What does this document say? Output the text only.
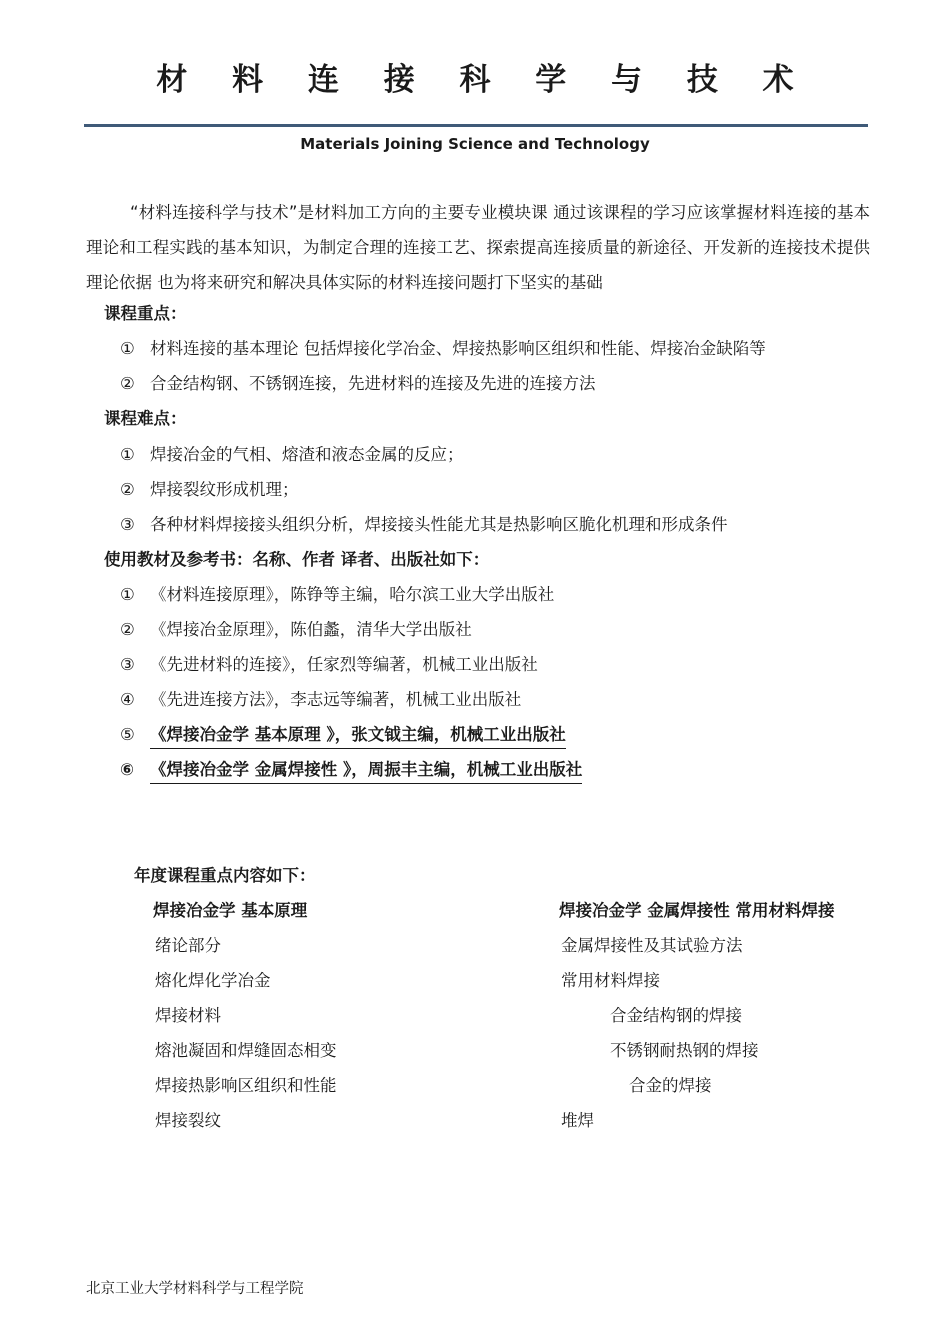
材 料 连 接 科 学 与 技 术
Materials Joining Science and Technology

“材料连接科学与技术”是材料加工方向的主要专业模块课 通过该课程的学习应该掌握材料连接的基本理论和工程实践的基本知识，为制定合理的连接工艺、探索提高连接质量的新途径、开发新的连接技术提供理论依据 也为将来研究和解决具体实际的材料连接问题打下坚实的基础

课程重点：
① 材料连接的基本理论 包括焊接化学冶金、焊接热影响区组织和性能、焊接冶金缺陷等
② 合金结构钢、不锈钢连接，先进材料的连接及先进的连接方法
课程难点：
① 焊接冶金的气相、熔渣和液态金属的反应；
② 焊接裂纹形成机理；
③ 各种材料焊接接头组织分析，焊接接头性能尤其是热影响区脆化机理和形成条件
使用教材及参考书：名称、作者 译者、出版社如下：
① 《材料连接原理》，陈铮等主编，哈尔滨工业大学出版社
② 《焊接冶金原理》，陈伯蠡，清华大学出版社
③ 《先进材料的连接》，任家烈等编著，机械工业出版社
④ 《先进连接方法》，李志远等编著，机械工业出版社
⑤ 《焊接冶金学 基本原理 》，张文钺主编，机械工业出版社
⑥ 《焊接冶金学 金属焊接性 》，周振丰主编，机械工业出版社
年度课程重点内容如下：
焊接冶金学 基本原理
绪论部分
熔化焊化学冶金
焊接材料
熔池凝固和焊缝固态相变
焊接热影响区组织和性能
焊接裂纹
焊接冶金学 金属焊接性 常用材料焊接
金属焊接性及其试验方法
常用材料焊接
合金结构钢的焊接
不锈钢耐热钢的焊接
合金的焊接
堆焊
北京工业大学材料科学与工程学院
